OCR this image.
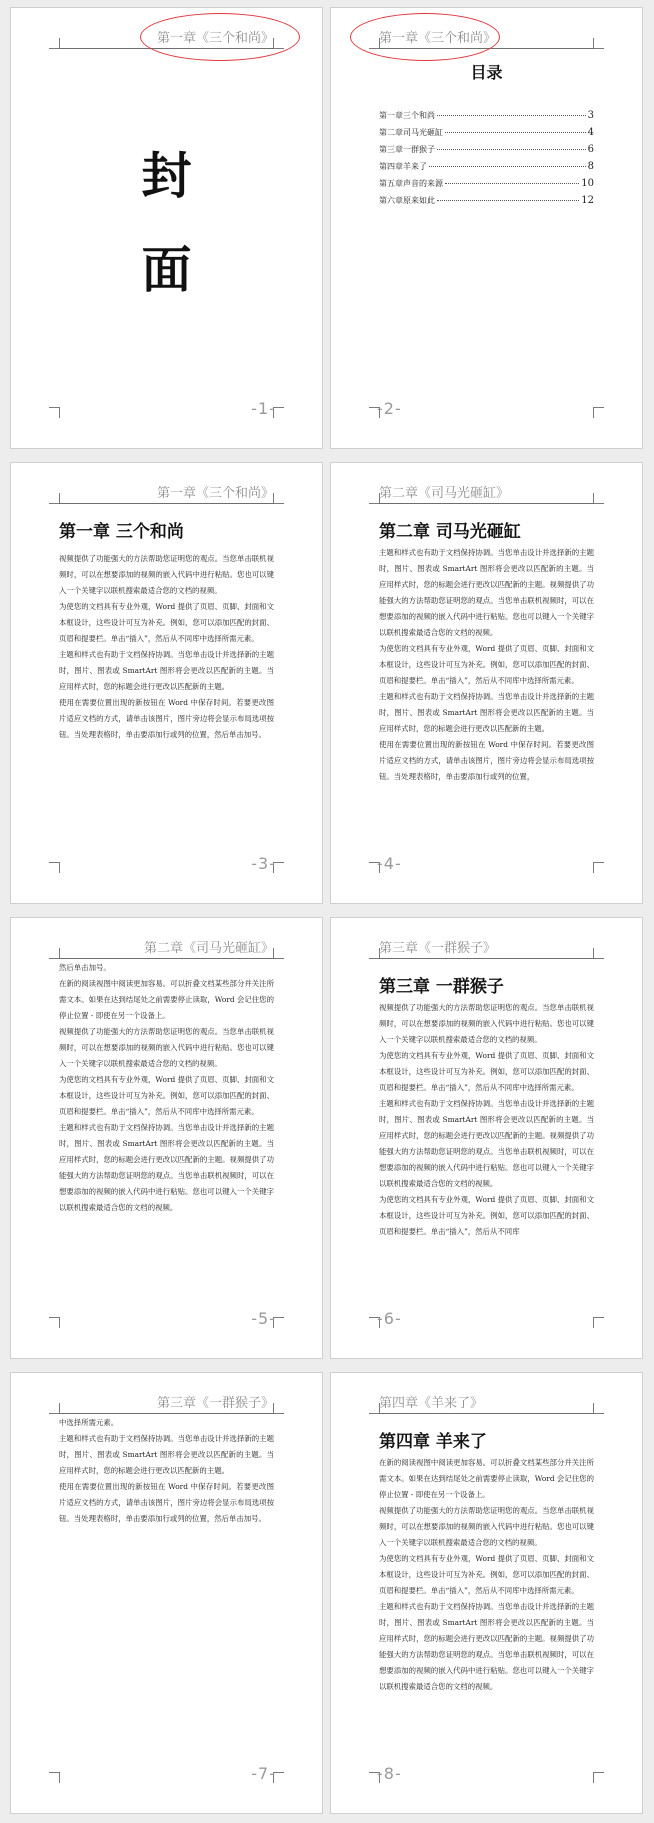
第一章《三个和尚》
封
面
-1-
第一章《三个和尚》
目录
第一章三个和尚	3
第二章司马光砸缸	4
第三章一群猴子	6
第四章羊来了	8
第五章声音的来源	10
第六章原来如此	12
-2-
第一章《三个和尚》
第一章 三个和尚

视频提供了功能强大的方法帮助您证明您的观点。当您单击联机视频时，可以在想要添加的视频的嵌入代码中进行粘贴。您也可以键入一个关键字以联机搜索最适合您的文档的视频。

为使您的文档具有专业外观，Word 提供了页眉、页脚、封面和文本框设计，这些设计可互为补充。例如，您可以添加匹配的封面、页眉和提要栏。单击“插入”，然后从不同库中选择所需元素。

主题和样式也有助于文档保持协调。当您单击设计并选择新的主题时，图片、图表或 SmartArt 图形将会更改以匹配新的主题。当应用样式时，您的标题会进行更改以匹配新的主题。

使用在需要位置出现的新按钮在 Word 中保存时间。若要更改图片适应文档的方式，请单击该图片，图片旁边将会显示布局选项按钮。当处理表格时，单击要添加行或列的位置，然后单击加号。

-3-
第二章《司马光砸缸》
第二章 司马光砸缸

主题和样式也有助于文档保持协调。当您单击设计并选择新的主题时，图片、图表或 SmartArt 图形将会更改以匹配新的主题。当应用样式时，您的标题会进行更改以匹配新的主题。视频提供了功能强大的方法帮助您证明您的观点。当您单击联机视频时，可以在想要添加的视频的嵌入代码中进行粘贴。您也可以键入一个关键字以联机搜索最适合您的文档的视频。

为使您的文档具有专业外观，Word 提供了页眉、页脚、封面和文本框设计，这些设计可互为补充。例如，您可以添加匹配的封面、页眉和提要栏。单击“插入”，然后从不同库中选择所需元素。

主题和样式也有助于文档保持协调。当您单击设计并选择新的主题时，图片、图表或 SmartArt 图形将会更改以匹配新的主题。当应用样式时，您的标题会进行更改以匹配新的主题。

使用在需要位置出现的新按钮在 Word 中保存时间。若要更改图片适应文档的方式，请单击该图片，图片旁边将会显示布局选项按钮。当处理表格时，单击要添加行或列的位置，

-4-
第二章《司马光砸缸》

然后单击加号。

在新的阅读视图中阅读更加容易。可以折叠文档某些部分并关注所需文本。如果在达到结尾处之前需要停止读取，Word 会记住您的停止位置 - 即使在另一个设备上。

视频提供了功能强大的方法帮助您证明您的观点。当您单击联机视频时，可以在想要添加的视频的嵌入代码中进行粘贴。您也可以键入一个关键字以联机搜索最适合您的文档的视频。

为使您的文档具有专业外观，Word 提供了页眉、页脚、封面和文本框设计，这些设计可互为补充。例如，您可以添加匹配的封面、页眉和提要栏。单击“插入”，然后从不同库中选择所需元素。

主题和样式也有助于文档保持协调。当您单击设计并选择新的主题时，图片、图表或 SmartArt 图形将会更改以匹配新的主题。当应用样式时，您的标题会进行更改以匹配新的主题。视频提供了功能强大的方法帮助您证明您的观点。当您单击联机视频时，可以在想要添加的视频的嵌入代码中进行粘贴。您也可以键入一个关键字以联机搜索最适合您的文档的视频。

-5-
第三章《一群猴子》
第三章 一群猴子

视频提供了功能强大的方法帮助您证明您的观点。当您单击联机视频时，可以在想要添加的视频的嵌入代码中进行粘贴。您也可以键入一个关键字以联机搜索最适合您的文档的视频。

为使您的文档具有专业外观，Word 提供了页眉、页脚、封面和文本框设计，这些设计可互为补充。例如，您可以添加匹配的封面、页眉和提要栏。单击“插入”，然后从不同库中选择所需元素。

主题和样式也有助于文档保持协调。当您单击设计并选择新的主题时，图片、图表或 SmartArt 图形将会更改以匹配新的主题。当应用样式时，您的标题会进行更改以匹配新的主题。视频提供了功能强大的方法帮助您证明您的观点。当您单击联机视频时，可以在想要添加的视频的嵌入代码中进行粘贴。您也可以键入一个关键字以联机搜索最适合您的文档的视频。

为使您的文档具有专业外观，Word 提供了页眉、页脚、封面和文本框设计，这些设计可互为补充。例如，您可以添加匹配的封面、页眉和提要栏。单击“插入”，然后从不同库

-6-
第三章《一群猴子》

中选择所需元素。

主题和样式也有助于文档保持协调。当您单击设计并选择新的主题时，图片、图表或 SmartArt 图形将会更改以匹配新的主题。当应用样式时，您的标题会进行更改以匹配新的主题。

使用在需要位置出现的新按钮在 Word 中保存时间。若要更改图片适应文档的方式，请单击该图片，图片旁边将会显示布局选项按钮。当处理表格时，单击要添加行或列的位置，然后单击加号。

-7-
第四章《羊来了》
第四章 羊来了

在新的阅读视图中阅读更加容易。可以折叠文档某些部分并关注所需文本。如果在达到结尾处之前需要停止读取，Word 会记住您的停止位置 - 即使在另一个设备上。

视频提供了功能强大的方法帮助您证明您的观点。当您单击联机视频时，可以在想要添加的视频的嵌入代码中进行粘贴。您也可以键入一个关键字以联机搜索最适合您的文档的视频。

为使您的文档具有专业外观，Word 提供了页眉、页脚、封面和文本框设计，这些设计可互为补充。例如，您可以添加匹配的封面、页眉和提要栏。单击“插入”，然后从不同库中选择所需元素。

主题和样式也有助于文档保持协调。当您单击设计并选择新的主题时，图片、图表或 SmartArt 图形将会更改以匹配新的主题。当应用样式时，您的标题会进行更改以匹配新的主题。视频提供了功能强大的方法帮助您证明您的观点。当您单击联机视频时，可以在想要添加的视频的嵌入代码中进行粘贴。您也可以键入一个关键字以联机搜索最适合您的文档的视频。

-8-
